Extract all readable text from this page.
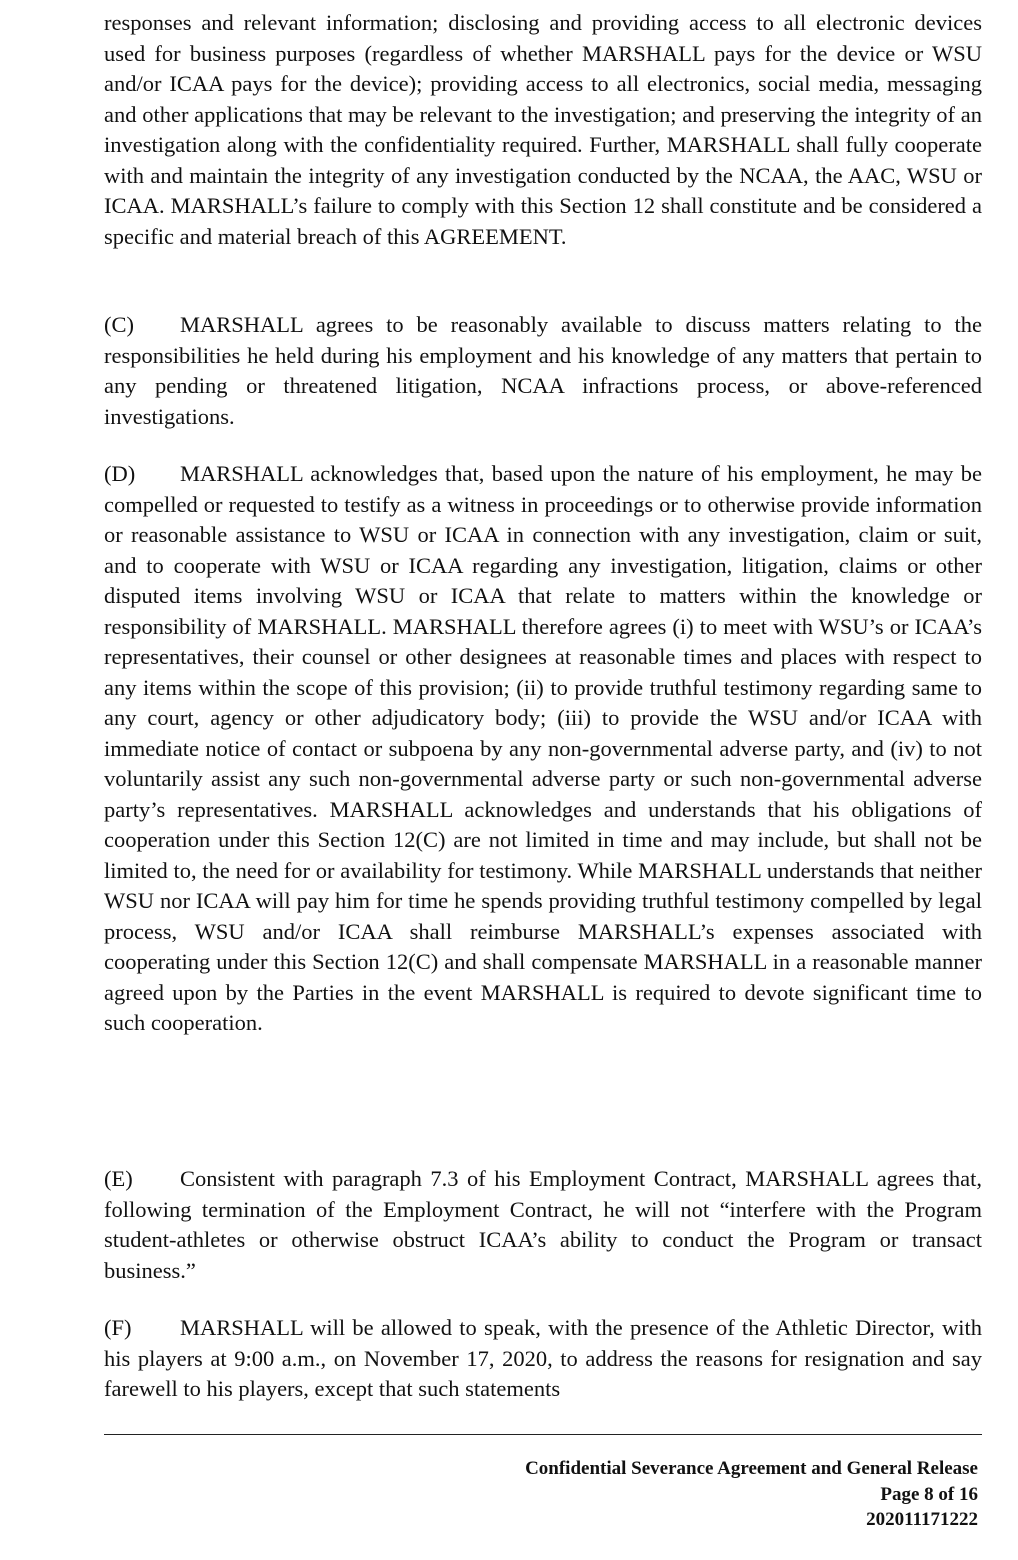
responses and relevant information; disclosing and providing access to all electronic devices used for business purposes (regardless of whether MARSHALL pays for the device or WSU and/or ICAA pays for the device); providing access to all electronics, social media, messaging and other applications that may be relevant to the investigation; and preserving the integrity of an investigation along with the confidentiality required. Further, MARSHALL shall fully cooperate with and maintain the integrity of any investigation conducted by the NCAA, the AAC, WSU or ICAA. MARSHALL’s failure to comply with this Section 12 shall constitute and be considered a specific and material breach of this AGREEMENT.

(C) MARSHALL agrees to be reasonably available to discuss matters relating to the responsibilities he held during his employment and his knowledge of any matters that pertain to any pending or threatened litigation, NCAA infractions process, or above-referenced investigations.

(D) MARSHALL acknowledges that, based upon the nature of his employment, he may be compelled or requested to testify as a witness in proceedings or to otherwise provide information or reasonable assistance to WSU or ICAA in connection with any investigation, claim or suit, and to cooperate with WSU or ICAA regarding any investigation, litigation, claims or other disputed items involving WSU or ICAA that relate to matters within the knowledge or responsibility of MARSHALL. MARSHALL therefore agrees (i) to meet with WSU’s or ICAA’s representatives, their counsel or other designees at reasonable times and places with respect to any items within the scope of this provision; (ii) to provide truthful testimony regarding same to any court, agency or other adjudicatory body; (iii) to provide the WSU and/or ICAA with immediate notice of contact or subpoena by any non-governmental adverse party, and (iv) to not voluntarily assist any such non-governmental adverse party or such non-governmental adverse party’s representatives. MARSHALL acknowledges and understands that his obligations of cooperation under this Section 12(C) are not limited in time and may include, but shall not be limited to, the need for or availability for testimony. While MARSHALL understands that neither WSU nor ICAA will pay him for time he spends providing truthful testimony compelled by legal process, WSU and/or ICAA shall reimburse MARSHALL’s expenses associated with cooperating under this Section 12(C) and shall compensate MARSHALL in a reasonable manner agreed upon by the Parties in the event MARSHALL is required to devote significant time to such cooperation.

(E) Consistent with paragraph 7.3 of his Employment Contract, MARSHALL agrees that, following termination of the Employment Contract, he will not “interfere with the Program student-athletes or otherwise obstruct ICAA’s ability to conduct the Program or transact business.”

(F) MARSHALL will be allowed to speak, with the presence of the Athletic Director, with his players at 9:00 a.m., on November 17, 2020, to address the reasons for resignation and say farewell to his players, except that such statements

Confidential Severance Agreement and General Release
Page 8 of 16
202011171222
